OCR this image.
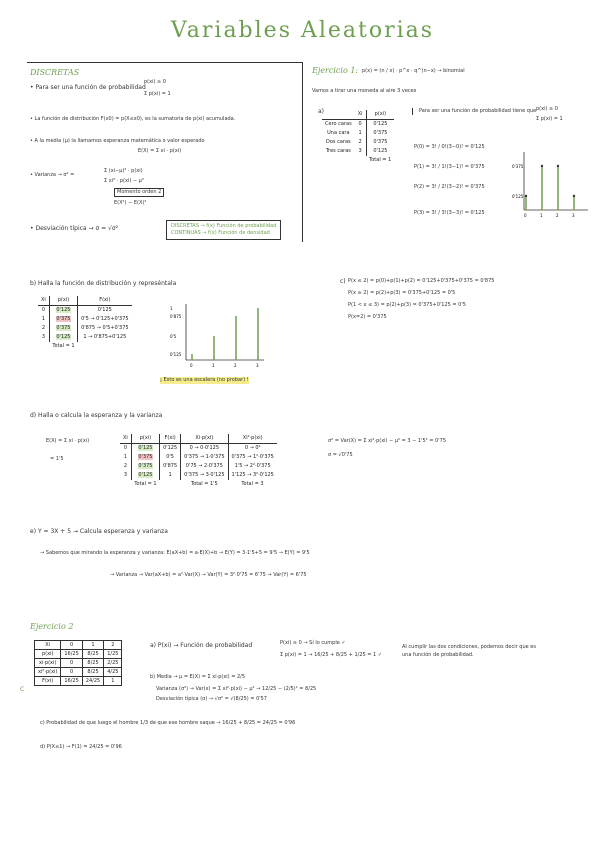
Variables Aleatorias
DISCRETAS
• Para ser una función de probabilidad
p(xi) ≥ 0
Σ p(xi) = 1
• La función de distribución F(x0) = p(X≤x0), es la sumatoria de p(xi) acumulada.
• A la media (μ) la llamamos esperanza matemática o valor esperado
E(X) = Σ xi · p(xi)
• Varianza → σ² =
Σ (xi−μ)² · p(xi)
Σ xi² · p(xi) − μ²
Momento orden 2
E(X²) − E(X)²
• Desviación típica → σ = √σ²	DISCRETAS → f(x) Función de probabilidad
CONTINUAS → f(x) Función de densidad
Ejercicio 1: p(x) = (n / x) · p^x · q^(n−x) → binomial
Vamos a tirar una moneda al aire 3 veces
a)
		Xi	p(xi)
Cero caras	0	0'125
Una cara	1	0'375
Dos caras	2	0'375
Tres caras	3	0'125
		Total = 1
Para ser una función de probabilidad tiene que p(xi) ≥ 0
Σ p(xi) = 1
P(0) = 3! / 0!(3−0)! = 0'125
P(1) = 3! / 1!(3−1)! = 0'375
P(2) = 3! / 2!(3−2)! = 0'375
P(3) = 3! / 3!(3−3)! = 0'125
0'375
0'125
0	1	2	3
b) Halla la función de distribución y represéntala
Xi	p(xi)	F(xi)
0	0'125	0'125
1	0'375	0'5 → 0'125+0'375
2	0'375	0'875 → 0'5+0'375
3	0'125	1 → 0'875+0'125
	Total = 1	
1
0'875
0'5
0'125
0	1	2	3
¡ Esto es una escalera (no probar) !
c) P(x ≤ 2) = p(0)+p(1)+p(2) = 0'125+0'375+0'375 = 0'875
P(x ≥ 2) = p(2)+p(3) = 0'375+0'125 = 0'5
P(1 < x ≤ 3) = p(2)+p(3) = 0'375+0'125 = 0'5
P(x=2) = 0'375
d) Halla o calcula la esperanza y la varianza
E(X) = Σ xi · p(xi)
= 1'5
Xi	p(xi)	F(xi)	Xi·p(xi)	Xi²·p(xi)
0	0'125	0'125	0 → 0·0'125	0 → 0²
1	0'375	0'5	0'375 → 1·0'375	0'375 → 1²·0'375
2	0'375	0'875	0'75 → 2·0'375	1'5 → 2²·0'375
3	0'125	1	0'375 → 3·0'125	1'125 → 3²·0'125
	Total = 1		Total = 1'5	Total = 3
σ² = Var(X) = Σ xi²·p(xi) − μ² = 3 − 1'5² = 0'75
σ = √0'75
e) Y = 3X + 5 → Calcula esperanza y varianza
→ Sabemos que mirando la esperanza y varianza: E(aX+b) = a·E(X)+b → E(Y) = 3·1'5+5 = 9'5 → E(Y) = 9'5
→ Varianza → Var(aX+b) = a²·Var(X) → Var(Y) = 3²·0'75 = 6'75 → Var(Y) = 6'75
Ejercicio 2
C
Xi	0	1	2
p(xi)	16/25	8/25	1/25
xi·p(xi)	0	8/25	2/25
xi²·p(xi)	0	8/25	4/25
F(xi)	16/25	24/25	1
a) P(xi) → Función de probabilidad	P(xi) ≥ 0 → Sí lo cumple ✓
Σ p(xi) = 1 → 16/25 + 8/25 + 1/25 = 1 ✓
Al cumplir las dos condiciones, podemos decir que es
una función de probabilidad.
b) Media → μ = E(X) = Σ xi·p(xi) = 2/5
Varianza (σ²) → Var(x) = Σ xi²·p(xi) − μ² → 12/25 − (2/5)² = 8/25
Desviación típica (σ) → √σ² = √(8/25) = 0'57
c) Probabilidad de que luego el hombre 1/3 de que ese hombre saque → 16/25 + 8/25 = 24/25 = 0'96
d) P(X≤1) → F(1) = 24/25 = 0'96
